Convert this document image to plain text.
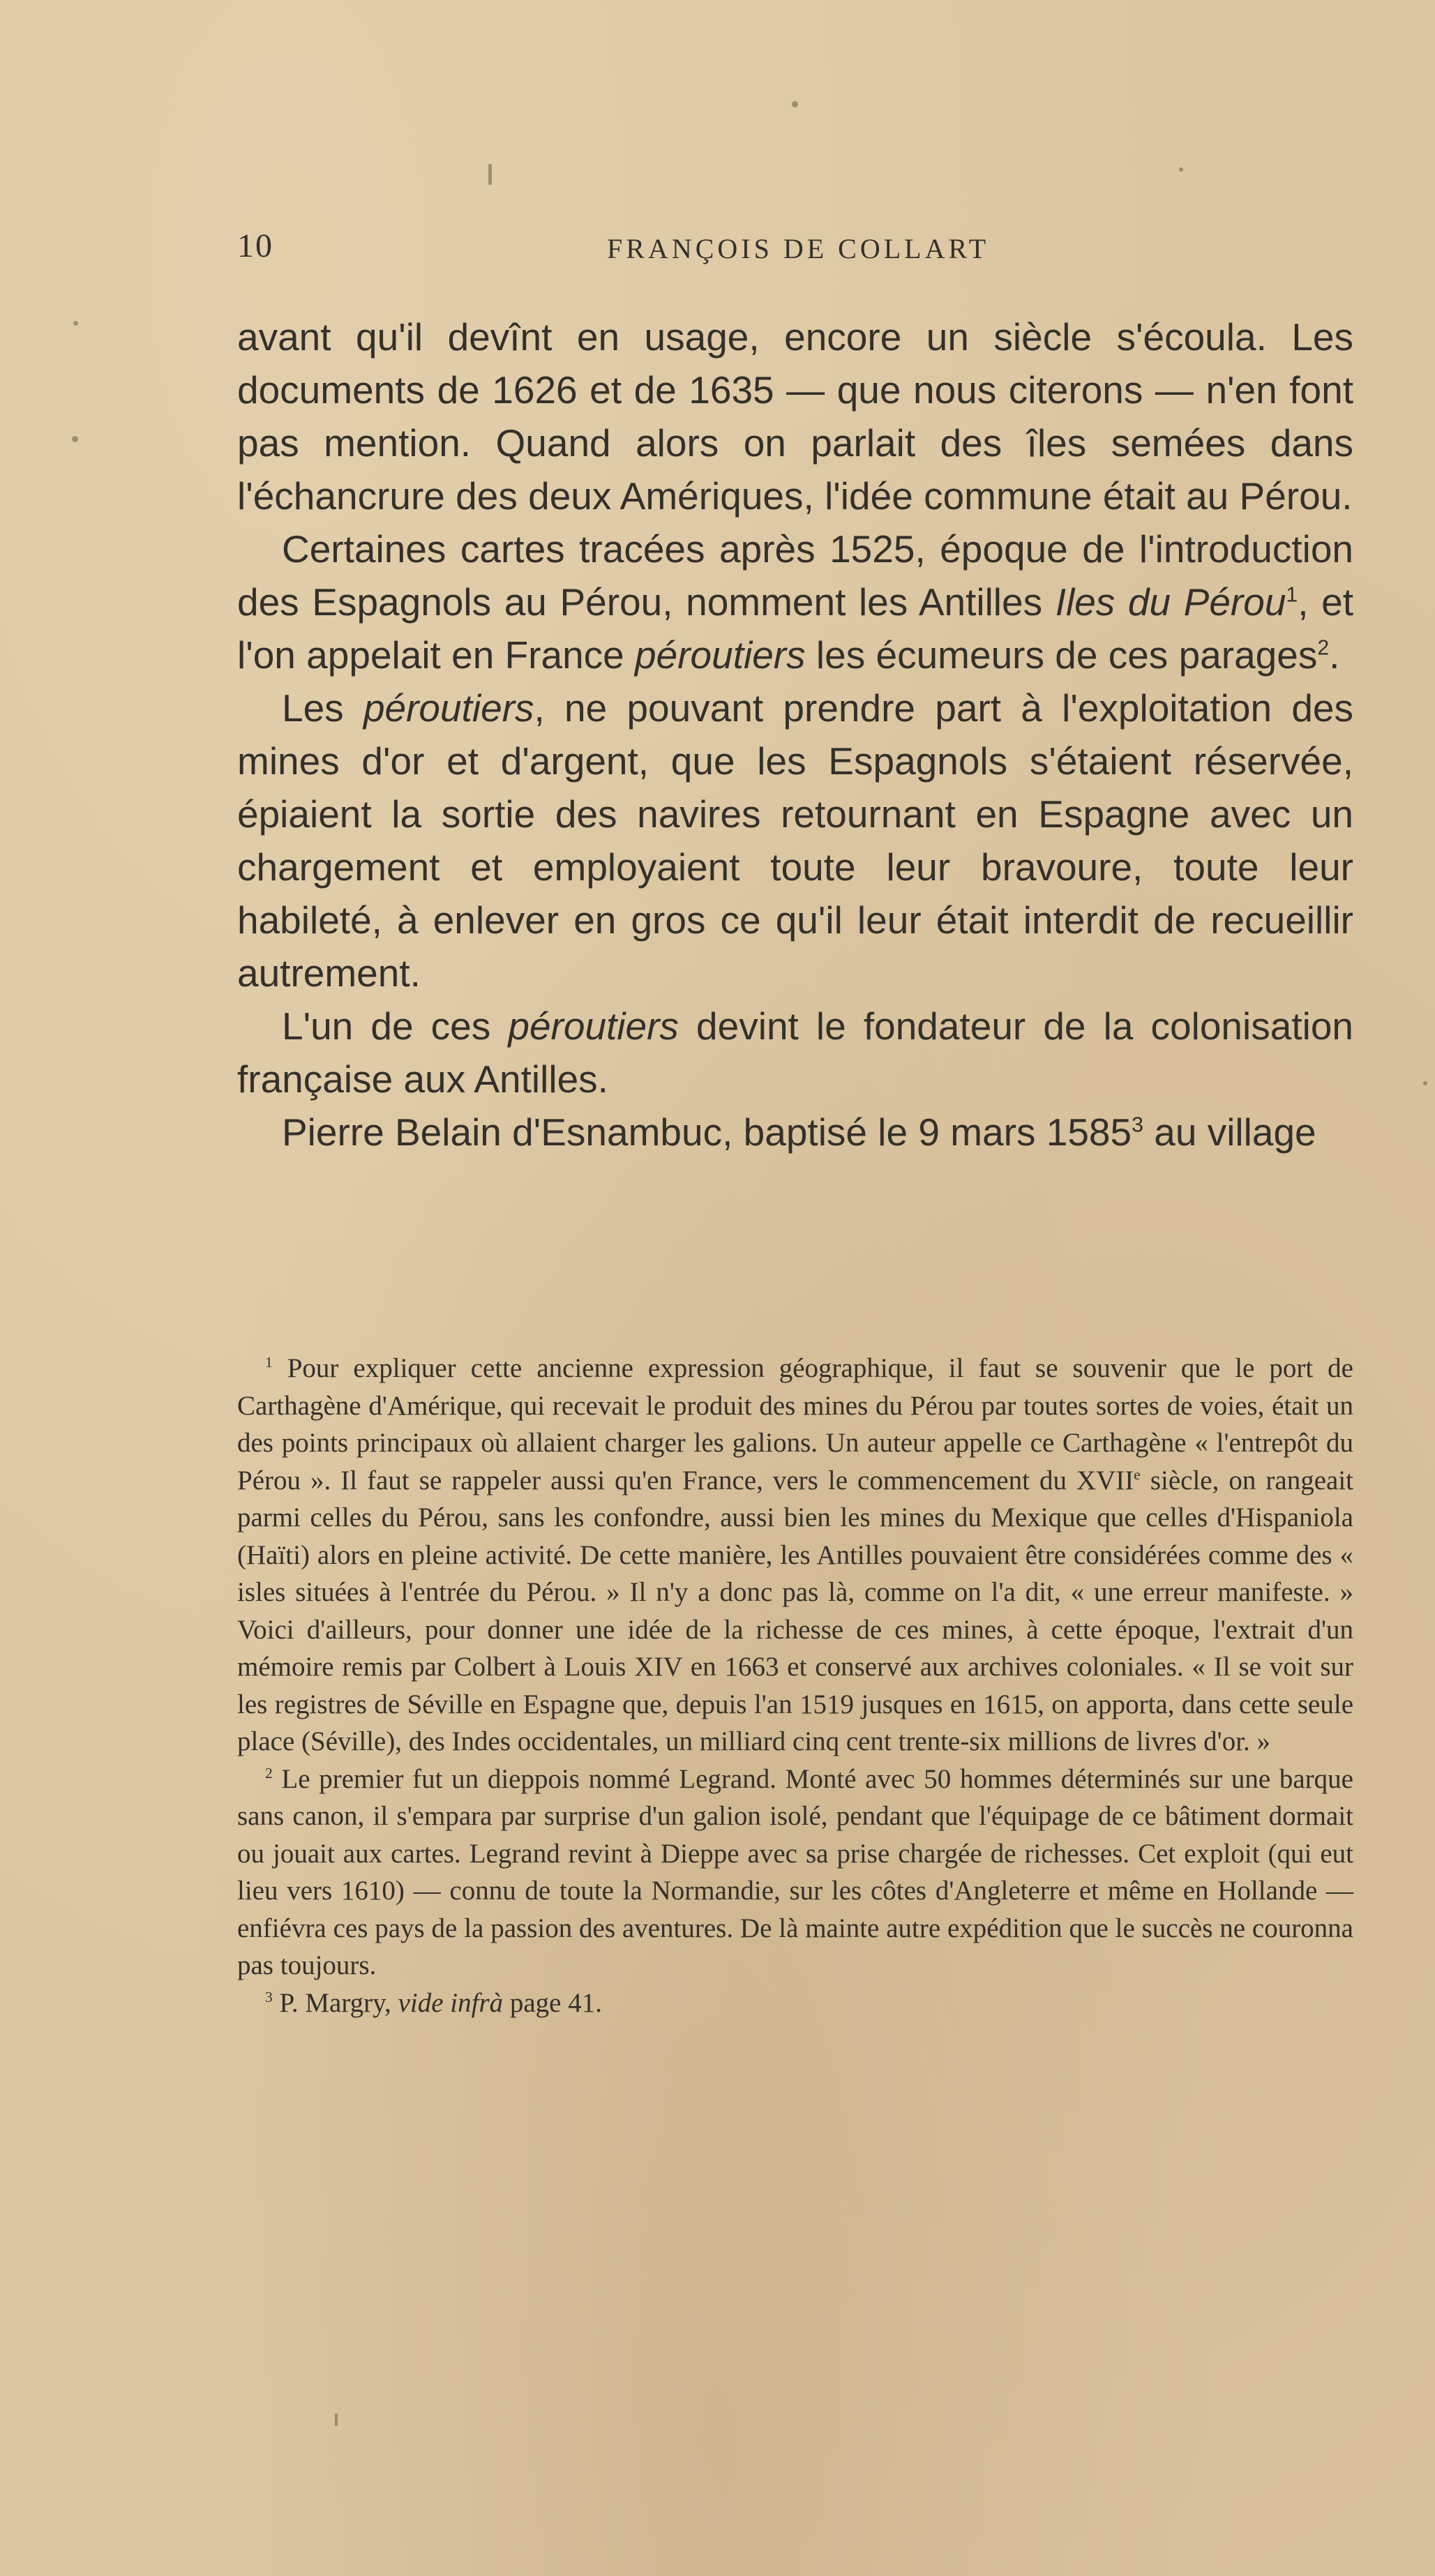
10	FRANÇOIS DE COLLART

avant qu'il devînt en usage, encore un siècle s'écoula. Les documents de 1626 et de 1635 — que nous citerons — n'en font pas mention. Quand alors on parlait des îles semées dans l'échancrure des deux Amériques, l'idée commune était au Pérou.

Certaines cartes tracées après 1525, époque de l'introduction des Espagnols au Pérou, nomment les Antilles Iles du Pérou$^1$, et l'on appelait en France péroutiers les écumeurs de ces parages$^2$.

Les péroutiers, ne pouvant prendre part à l'exploitation des mines d'or et d'argent, que les Espagnols s'étaient réservée, épiaient la sortie des navires retournant en Espagne avec un chargement et employaient toute leur bravoure, toute leur habileté, à enlever en gros ce qu'il leur était interdit de recueillir autrement.

L'un de ces péroutiers devint le fondateur de la colonisation française aux Antilles.

Pierre Belain d'Esnambuc, baptisé le 9 mars 1585$^3$ au village

$^1$ Pour expliquer cette ancienne expression géographique, il faut se souvenir que le port de Carthagène d'Amérique, qui recevait le produit des mines du Pérou par toutes sortes de voies, était un des points principaux où allaient charger les galions. Un auteur appelle ce Carthagène « l'entrepôt du Pérou ». Il faut se rappeler aussi qu'en France, vers le commencement du XVIIe siècle, on rangeait parmi celles du Pérou, sans les confondre, aussi bien les mines du Mexique que celles d'Hispaniola (Haïti) alors en pleine activité. De cette manière, les Antilles pouvaient être considérées comme des « isles situées à l'entrée du Pérou. » Il n'y a donc pas là, comme on l'a dit, « une erreur manifeste. » Voici d'ailleurs, pour donner une idée de la richesse de ces mines, à cette époque, l'extrait d'un mémoire remis par Colbert à Louis XIV en 1663 et conservé aux archives coloniales. « Il se voit sur les registres de Séville en Espagne que, depuis l'an 1519 jusques en 1615, on apporta, dans cette seule place (Séville), des Indes occidentales, un milliard cinq cent trente-six millions de livres d'or. »

$^2$ Le premier fut un dieppois nommé Legrand. Monté avec 50 hommes déterminés sur une barque sans canon, il s'empara par surprise d'un galion isolé, pendant que l'équipage de ce bâtiment dormait ou jouait aux cartes. Legrand revint à Dieppe avec sa prise chargée de richesses. Cet exploit (qui eut lieu vers 1610) — connu de toute la Normandie, sur les côtes d'Angleterre et même en Hollande — enfiévra ces pays de la passion des aventures. De là mainte autre expédition que le succès ne couronna pas toujours.

$^3$ P. Margry, vide infrà page 41.
